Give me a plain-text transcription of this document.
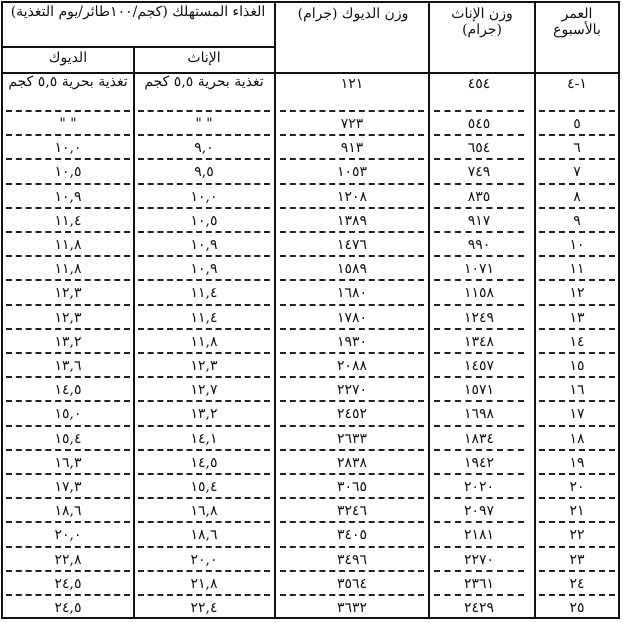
العمر بالأسبوع
وزن الإناث (جرام)
وزن الديوك (جرام)
الغذاء المستهلك (كجم/١٠٠طائر/يوم التغذية)
الإناث
الديوك
١-٤
٤٥٤
١٢١
تغذية بحرية ٥,٥ كجم
تغذية بحرية ٥,٥ كجم
٥
٥٤٥
٧٢٣
" "
" "
٦
٦٥٤
٩١٣
٩,٠
١٠,٠
٧
٧٤٩
١٠٥٣
٩,٥
١٠,٥
٨
٨٣٥
١٢٠٨
١٠,٠
١٠,٩
٩
٩١٧
١٣٨٩
١٠,٥
١١,٤
١٠
٩٩٠
١٤٧٦
١٠,٩
١١,٨
١١
١٠٧١
١٥٨٩
١٠,٩
١١,٨
١٢
١١٥٨
١٦٨٠
١١,٤
١٢,٣
١٣
١٢٤٩
١٧٨٠
١١,٤
١٢,٣
١٤
١٣٤٨
١٩٣٠
١١,٨
١٣,٢
١٥
١٤٥٧
٢٠٨٨
١٢,٣
١٣,٦
١٦
١٥٧١
٢٢٧٠
١٢,٧
١٤,٥
١٧
١٦٩٨
٢٤٥٢
١٣,٢
١٥,٠
١٨
١٨٣٤
٢٦٣٣
١٤,١
١٥,٤
١٩
١٩٤٢
٢٨٣٨
١٤,٥
١٦,٣
٢٠
٢٠٢٠
٣٠٦٥
١٥,٤
١٧,٣
٢١
٢٠٩٧
٣٢٤٦
١٦,٨
١٨,٦
٢٢
٢١٨١
٣٤٠٥
١٨,٦
٢٠,٠
٢٣
٢٢٧٠
٣٤٩٦
٢٠,٠
٢٢,٨
٢٤
٢٣٦١
٣٥٦٤
٢١,٨
٢٤,٥
٢٥
٢٤٢٩
٣٦٣٢
٢٢,٤
٢٤,٥
